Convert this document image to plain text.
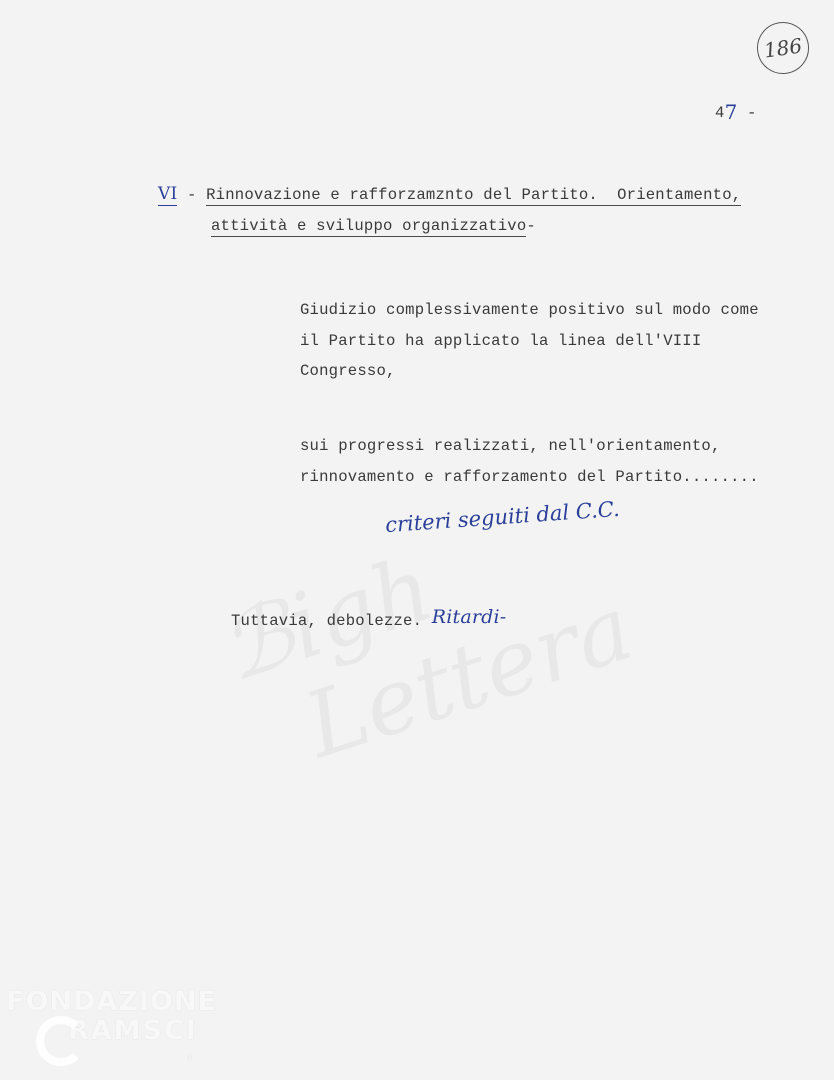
186
47 -
VI - Rinnovazione e rafforzamznto del Partito.  Orientamento,
attività e sviluppo organizzativo-
Giudizio complessivamente positivo sul modo come
il Partito ha applicato la linea dell'VIII
Congresso,
sui progressi realizzati, nell'orientamento,
rinnovamento e rafforzamento del Partito........
criteri seguiti dal C.C.
Tuttavia, debolezze. Ritardi-

FONDAZIONE
RAMSCI
®
